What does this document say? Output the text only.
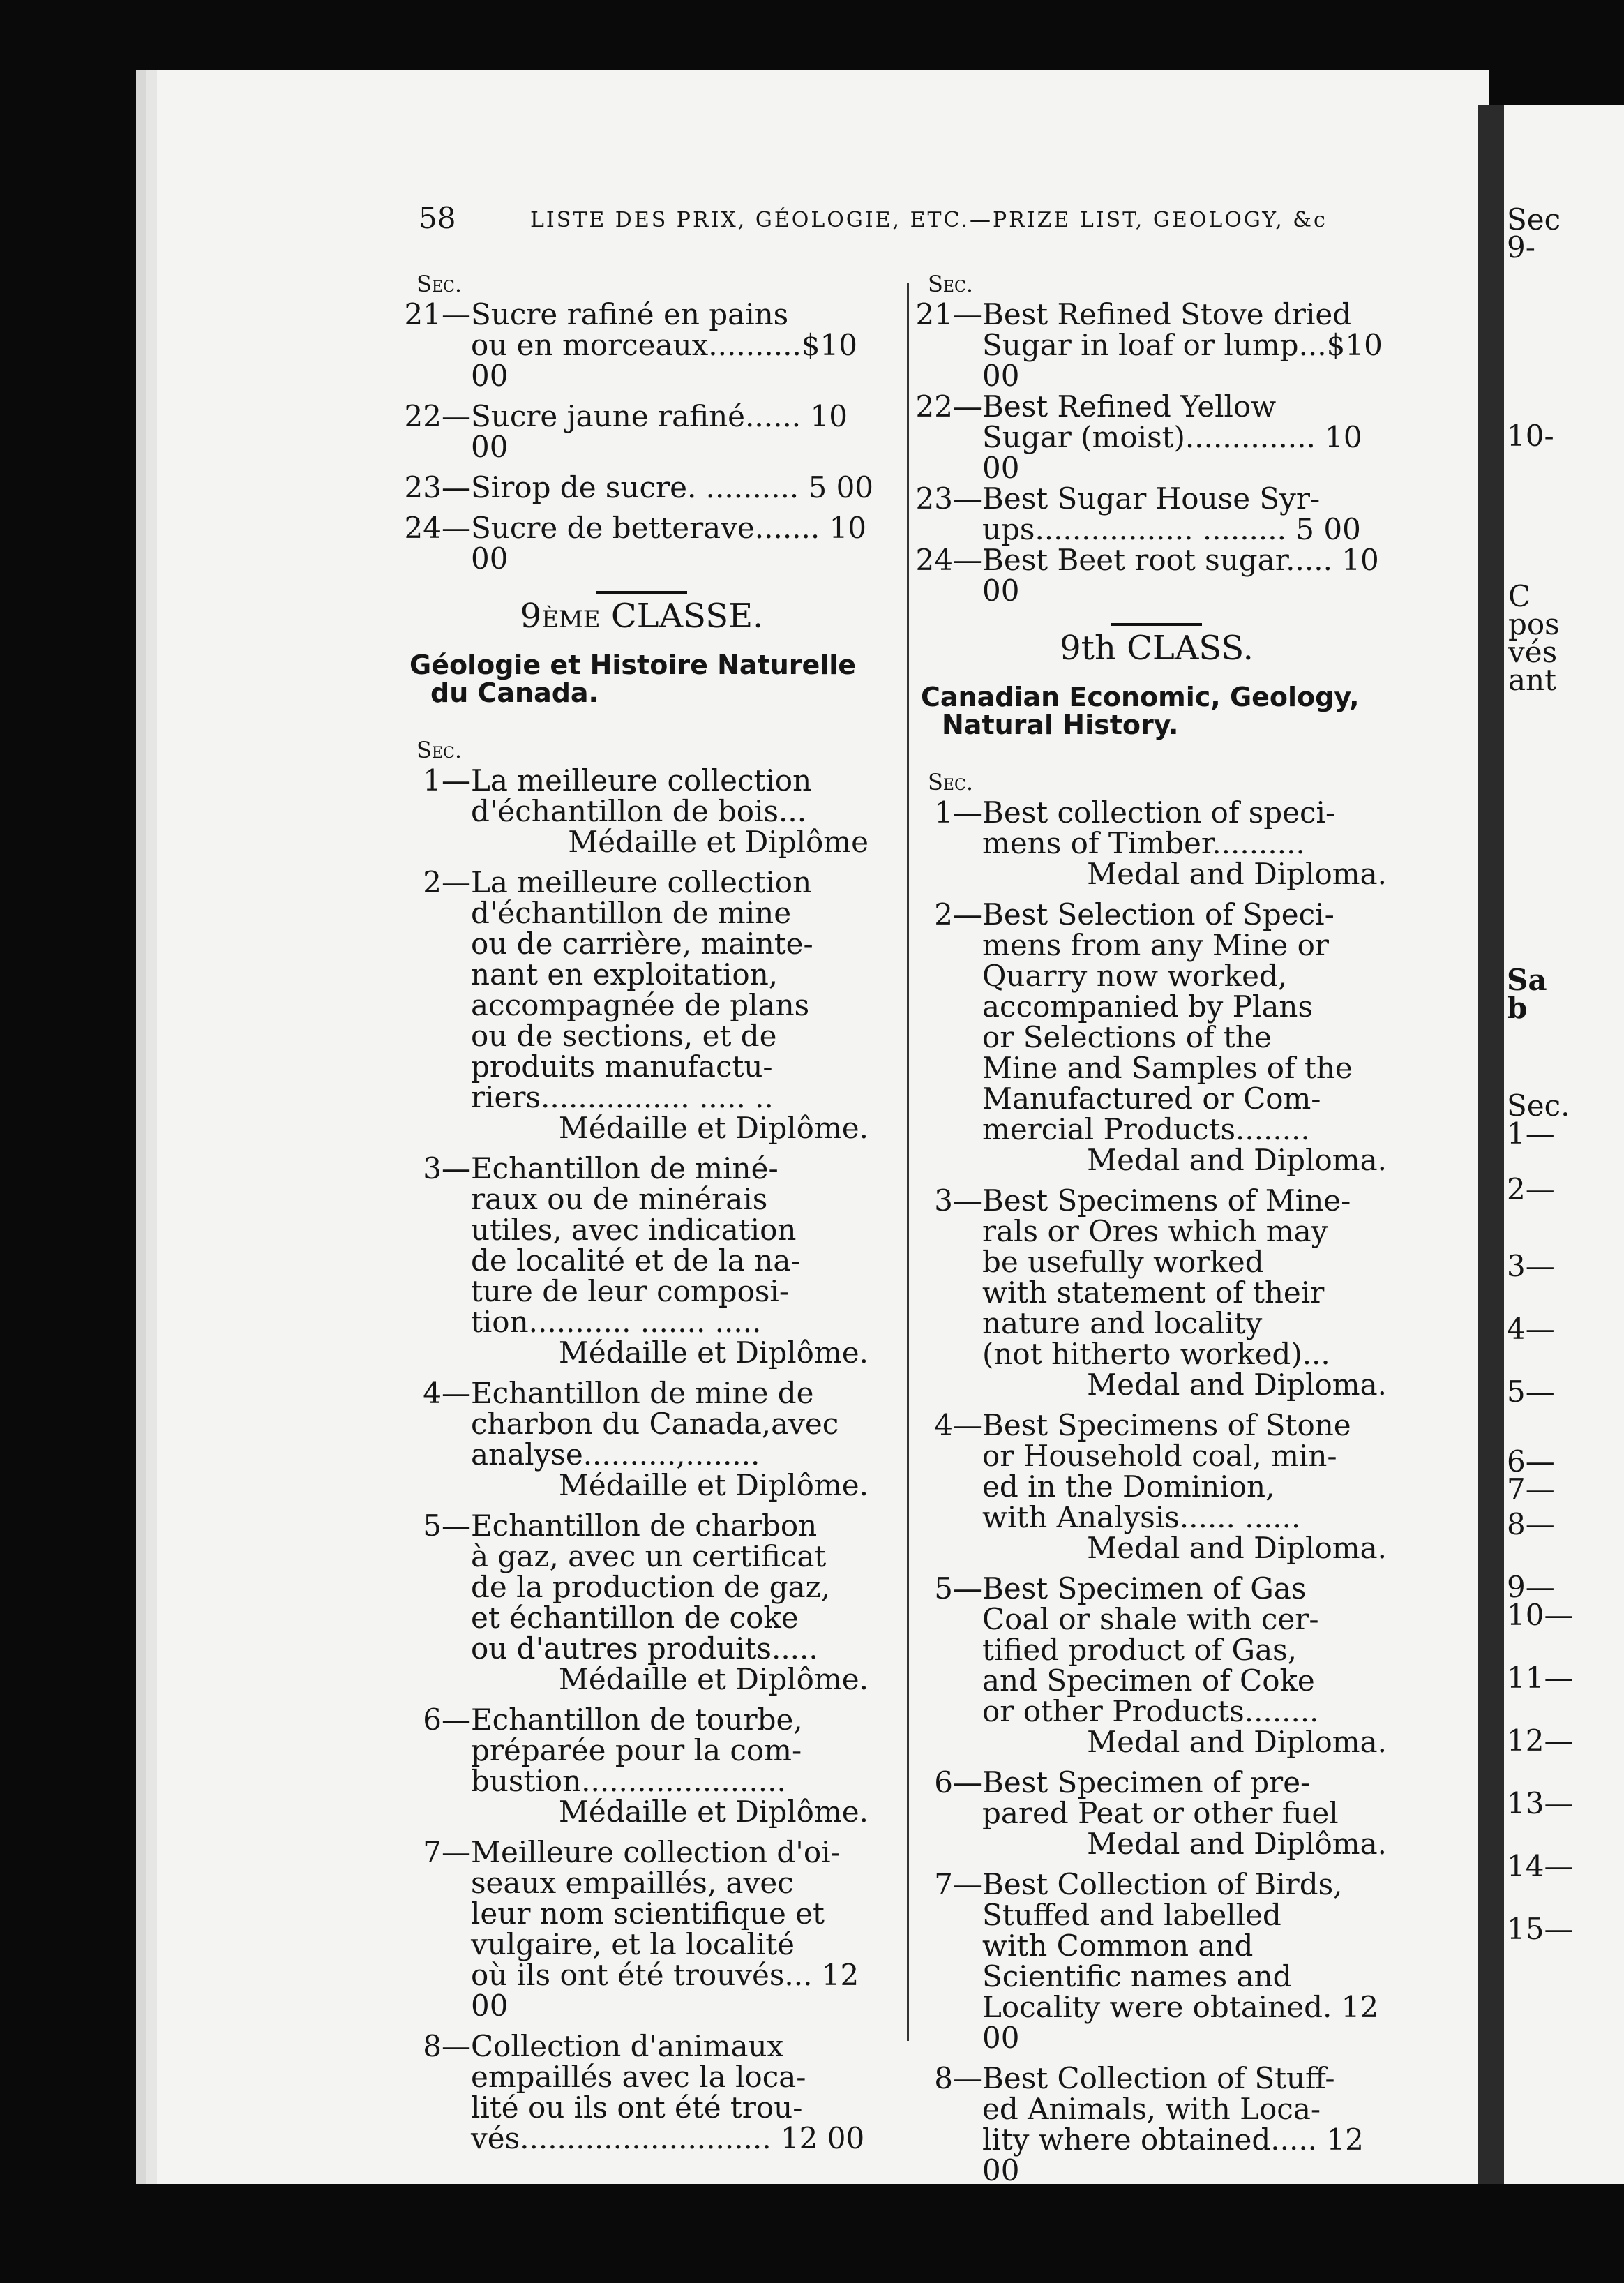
Sec
9-
10-
C
pos
vés
ant
Sa
b
Sec.
1—
2—
3—
4—
5—
6—
7—
8—
9—
10—
11—
12—
13—
14—
15—
58	LISTE DES PRIX, GÉOLOGIE, ETC.—PRIZE LIST, GEOLOGY, &c
Sec.
21— Sucre rafiné en pains
ou en morceaux..........$10 00
22— Sucre jaune rafiné...... 10 00
23— Sirop de sucre. .......... 5 00
24— Sucre de betterave....... 10 00
9ème CLASSE.
Géologie et Histoire Naturelle
du Canada.
Sec.
1— La meilleure collection
d'échantillon de bois...
Médaille et Diplôme
2— La meilleure collection
d'échantillon de mine
ou de carrière, mainte-
nant en exploitation,
accompagnée de plans
ou de sections, et de
produits manufactu-
riers................ ..... ..
Médaille et Diplôme.
3— Echantillon de miné-
raux ou de minérais
utiles, avec indication
de localité et de la na-
ture de leur composi-
tion........... ....... .....
Médaille et Diplôme.
4— Echantillon de mine de
charbon du Canada,avec
analyse..........,........
Médaille et Diplôme.
5— Echantillon de charbon
à gaz, avec un certificat
de la production de gaz,
et échantillon de coke
ou d'autres produits.....
Médaille et Diplôme.
6— Echantillon de tourbe,
préparée pour la com-
bustion......................
Médaille et Diplôme.
7— Meilleure collection d'oi-
seaux empaillés, avec
leur nom scientifique et
vulgaire, et la localité
où ils ont été trouvés... 12 00
8— Collection d'animaux
empaillés avec la loca-
lité ou ils ont été trou-
vés........................... 12 00
Sec.
21— Best Refined Stove dried
Sugar in loaf or lump...$10 00
22— Best Refined Yellow
Sugar (moist).............. 10 00
23— Best Sugar House Syr-
ups................. ......... 5 00
24— Best Beet root sugar..... 10 00
9th CLASS.
Canadian Economic, Geology,
Natural History.
Sec.
1— Best collection of speci-
mens of Timber..........
Medal and Diploma.
2— Best Selection of Speci-
mens from any Mine or
Quarry now worked,
accompanied by Plans
or Selections of the
Mine and Samples of the
Manufactured or Com-
mercial Products........
Medal and Diploma.
3— Best Specimens of Mine-
rals or Ores which may
be usefully worked
with statement of their
nature and locality
(not hitherto worked)...
Medal and Diploma.
4— Best Specimens of Stone
or Household coal, min-
ed in the Dominion,
with Analysis...... ......
Medal and Diploma.
5— Best Specimen of Gas
Coal or shale with cer-
tified product of Gas,
and Specimen of Coke
or other Products........
Medal and Diploma.
6— Best Specimen of pre-
pared Peat or other fuel
Medal and Diplôma.
7— Best Collection of Birds,
Stuffed and labelled
with Common and
Scientific names and
Locality were obtained. 12 00
8— Best Collection of Stuff-
ed Animals, with Loca-
lity where obtained..... 12 00
